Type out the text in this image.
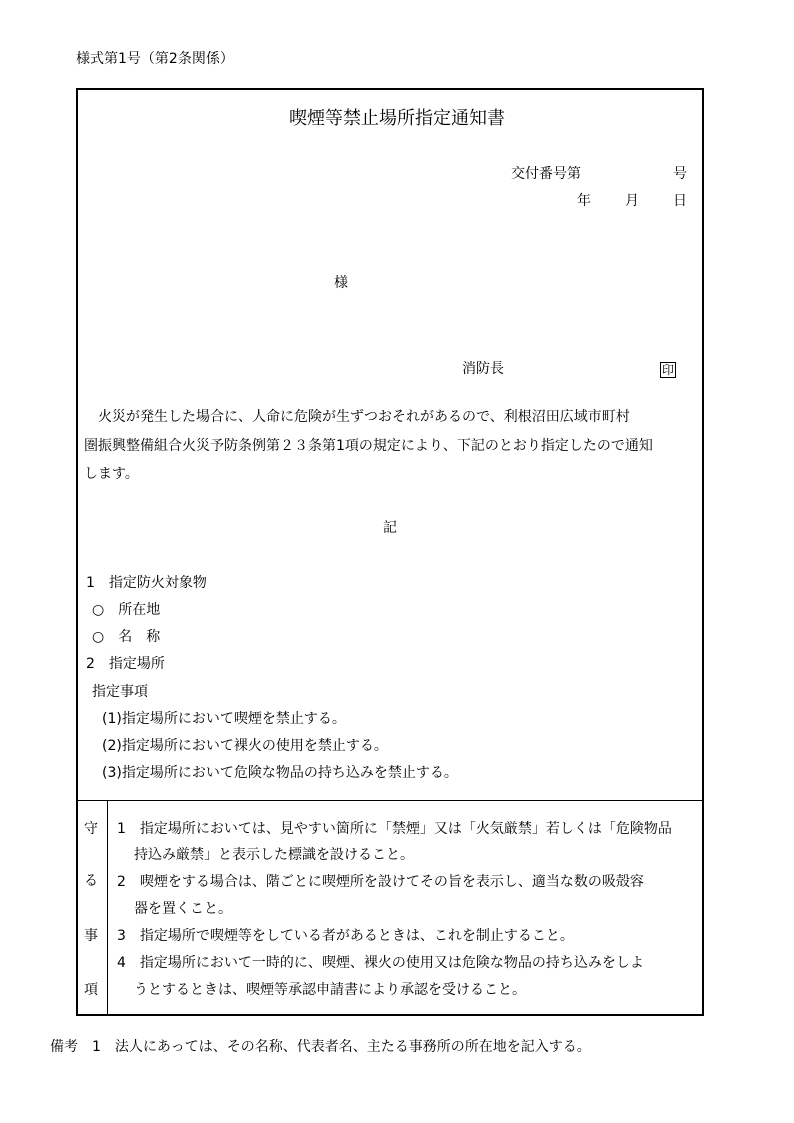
様式第1号（第2条関係）
喫煙等禁止場所指定通知書
交付番号第	号
年 月 日
様
消防長	印
火災が発生した場合に、人命に危険が生ずつおそれがあるので、利根沼田広域市町村
圏振興整備組合火災予防条例第２３条第1項の規定により、下記のとおり指定したので通知
します。
記
1　指定防火対象物
○　所在地
○　名　称
2　指定場所
指定事項
(1)指定場所において喫煙を禁止する。
(2)指定場所において裸火の使用を禁止する。
(3)指定場所において危険な物品の持ち込みを禁止する。
守
る
事
項
1　指定場所においては、見やすい箇所に「禁煙」又は「火気厳禁」若しくは「危険物品
持込み厳禁」と表示した標識を設けること。
2　喫煙をする場合は、階ごとに喫煙所を設けてその旨を表示し、適当な数の吸殻容
器を置くこと。
3　指定場所で喫煙等をしている者があるときは、これを制止すること。
4　指定場所において一時的に、喫煙、裸火の使用又は危険な物品の持ち込みをしよ
うとするときは、喫煙等承認申請書により承認を受けること。
備考　1　法人にあっては、その名称、代表者名、主たる事務所の所在地を記入する。
